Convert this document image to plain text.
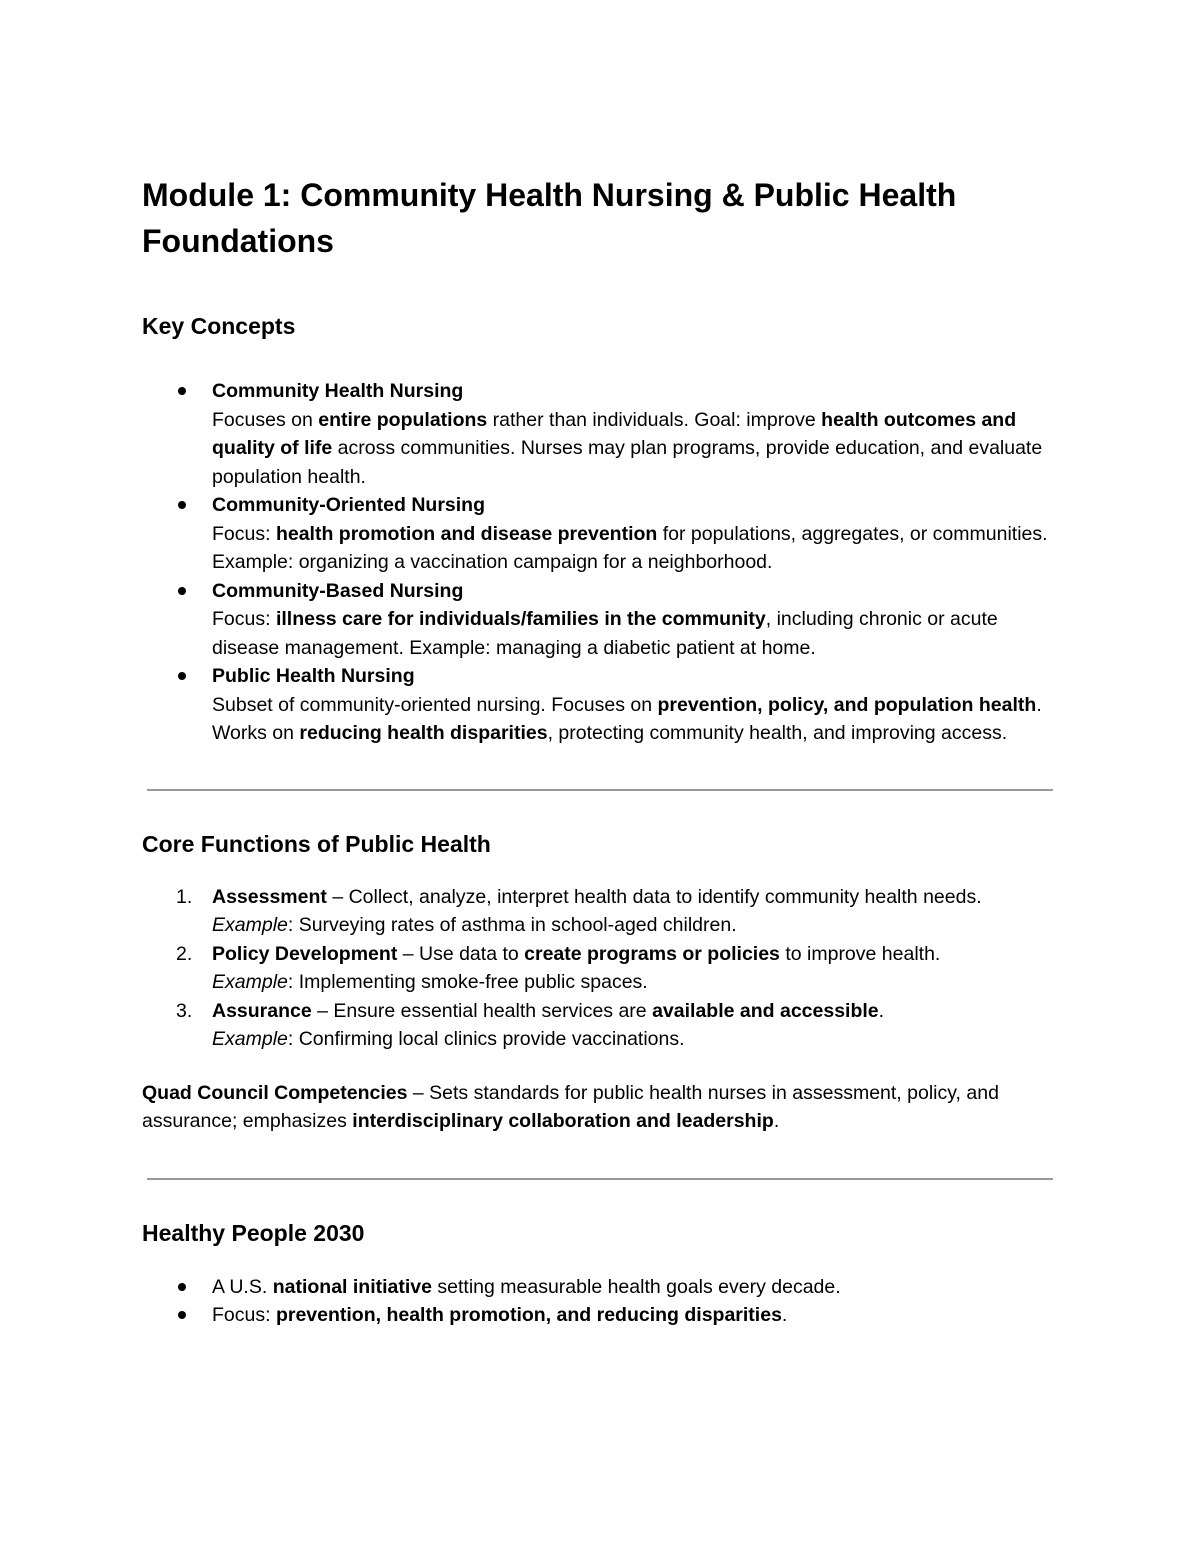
Module 1: Community Health Nursing & Public Health Foundations
Key Concepts
Community Health Nursing
Focuses on entire populations rather than individuals. Goal: improve health outcomes and quality of life across communities. Nurses may plan programs, provide education, and evaluate population health.
Community-Oriented Nursing
Focus: health promotion and disease prevention for populations, aggregates, or communities. Example: organizing a vaccination campaign for a neighborhood.
Community-Based Nursing
Focus: illness care for individuals/families in the community, including chronic or acute disease management. Example: managing a diabetic patient at home.
Public Health Nursing
Subset of community-oriented nursing. Focuses on prevention, policy, and population health. Works on reducing health disparities, protecting community health, and improving access.
Core Functions of Public Health
1. Assessment – Collect, analyze, interpret health data to identify community health needs.
Example: Surveying rates of asthma in school-aged children.
2. Policy Development – Use data to create programs or policies to improve health.
Example: Implementing smoke-free public spaces.
3. Assurance – Ensure essential health services are available and accessible.
Example: Confirming local clinics provide vaccinations.

Quad Council Competencies – Sets standards for public health nurses in assessment, policy, and assurance; emphasizes interdisciplinary collaboration and leadership.

Healthy People 2030
A U.S. national initiative setting measurable health goals every decade.
Focus: prevention, health promotion, and reducing disparities.
